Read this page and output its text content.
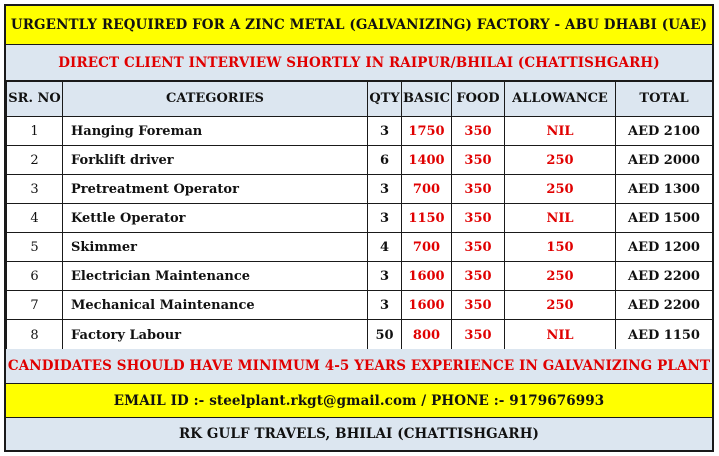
URGENTLY REQUIRED FOR A ZINC METAL (GALVANIZING) FACTORY - ABU DHABI (UAE)
DIRECT CLIENT INTERVIEW SHORTLY IN RAIPUR/BHILAI (CHATTISHGARH)
SR. NO	CATEGORIES	QTY	BASIC	FOOD	ALLOWANCE	TOTAL
1	Hanging Foreman	3	1750	350	NIL	AED 2100
2	Forklift driver	6	1400	350	250	AED 2000
3	Pretreatment Operator	3	700	350	250	AED 1300
4	Kettle Operator	3	1150	350	NIL	AED 1500
5	Skimmer	4	700	350	150	AED 1200
6	Electrician Maintenance	3	1600	350	250	AED 2200
7	Mechanical Maintenance	3	1600	350	250	AED 2200
8	Factory Labour	50	800	350	NIL	AED 1150
CANDIDATES SHOULD HAVE MINIMUM 4-5 YEARS EXPERIENCE IN GALVANIZING PLANT
EMAIL ID :- steelplant.rkgt@gmail.com / PHONE :- 9179676993
RK GULF TRAVELS, BHILAI (CHATTISHGARH)
